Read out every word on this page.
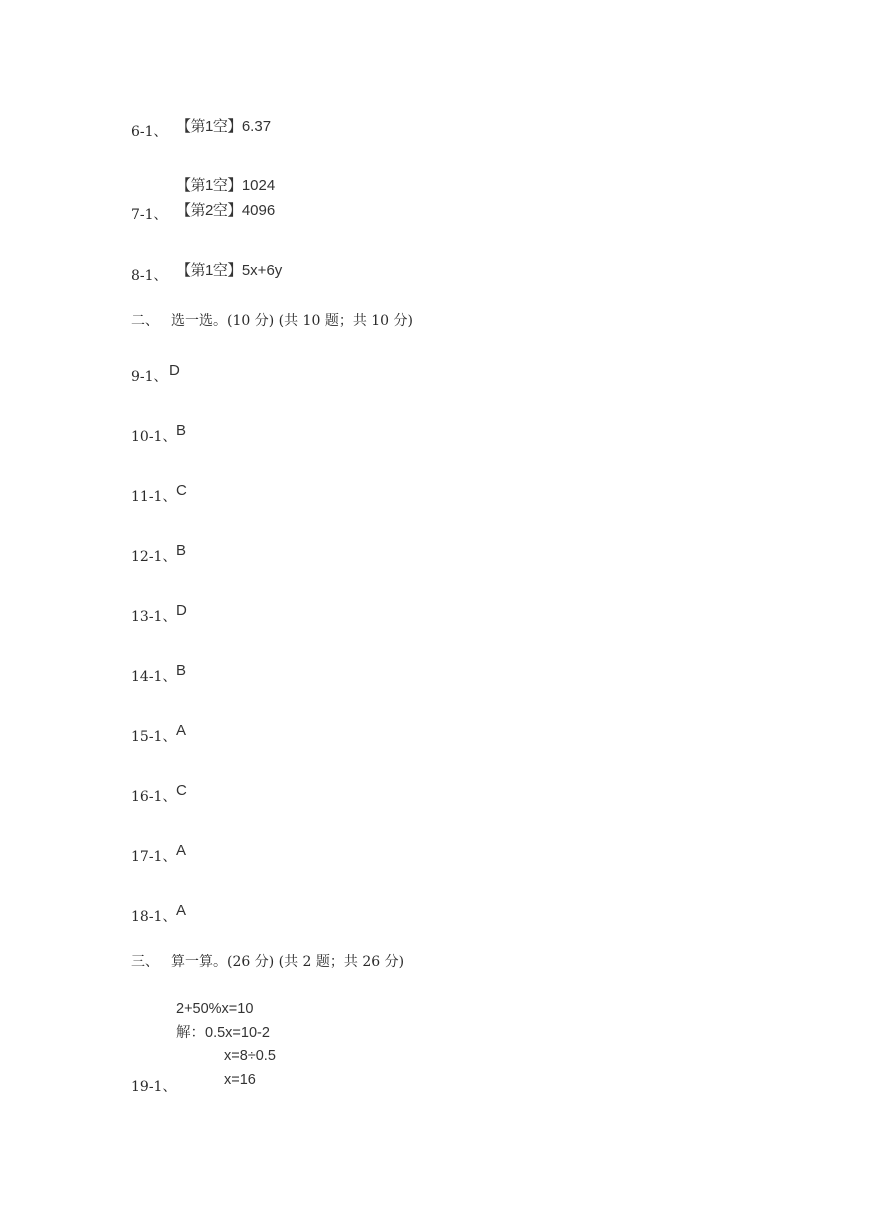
6-1、 【第1空】6.37
【第1空】1024
7-1、 【第2空】4096
8-1、 【第1空】5x+6y
二、 选一选。(10 分) (共 10 题；共 10 分)
9-1、 D
10-1、 B
11-1、 C
12-1、 B
13-1、 D
14-1、 B
15-1、 A
16-1、 C
17-1、 A
18-1、 A
三、 算一算。(26 分) (共 2 题；共 26 分)
2+50%x=10
解：0.5x=10-2
x=8÷0.5
x=16
19-1、
